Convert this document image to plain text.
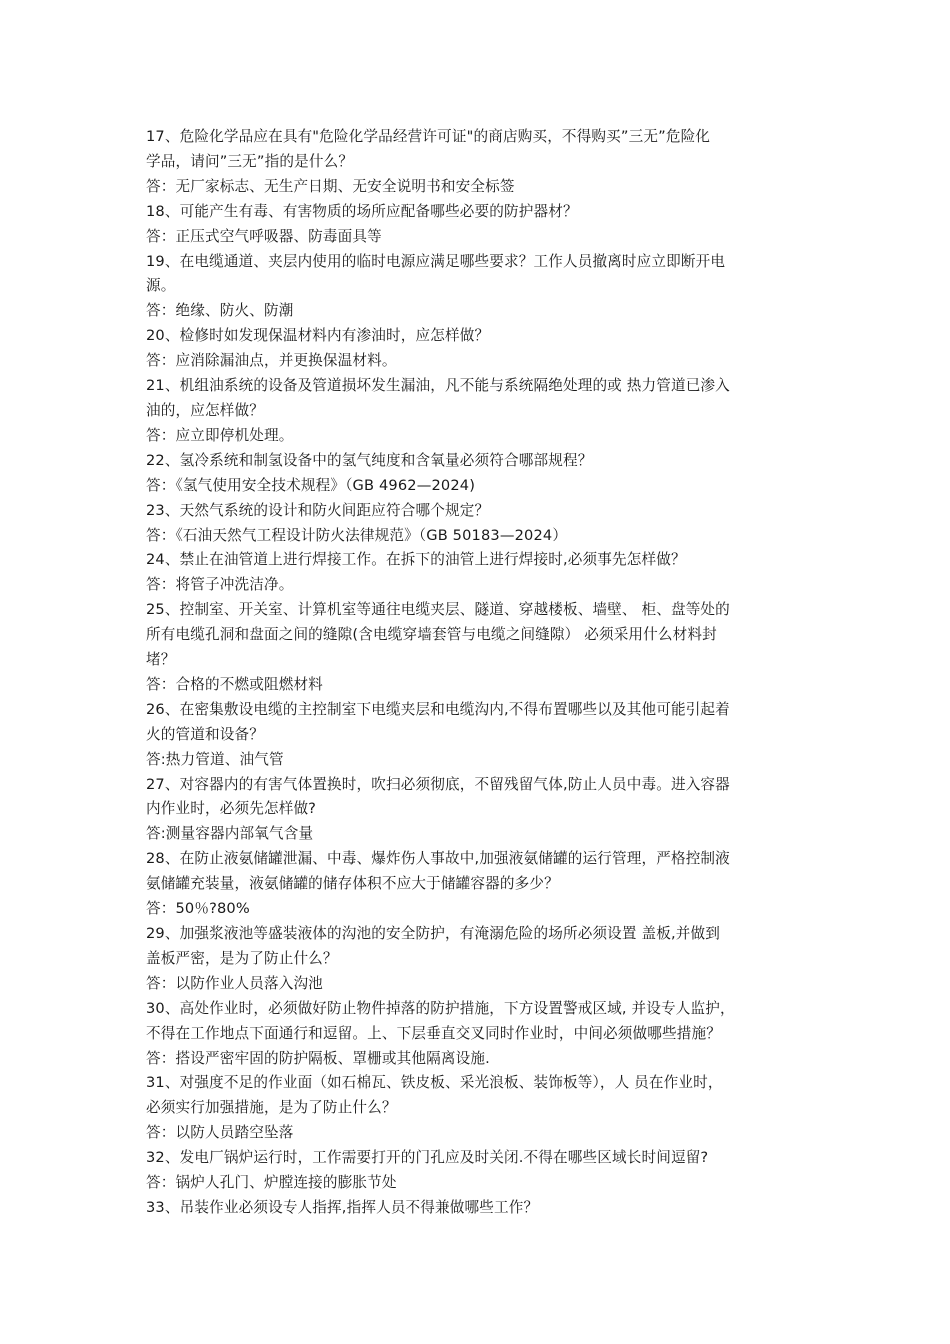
17、危险化学品应在具有"危险化学品经营许可证"的商店购买，不得购买”三无”危险化

学品，请问”三无”指的是什么？

答：无厂家标志、无生产日期、无安全说明书和安全标签

18、可能产生有毒、有害物质的场所应配备哪些必要的防护器材？

答：正压式空气呼吸器、防毒面具等

19、在电缆通道、夹层内使用的临时电源应满足哪些要求？工作人员撤离时应立即断开电

源。

答：绝缘、防火、防潮

20、检修时如发现保温材料内有渗油时，应怎样做？

答：应消除漏油点，并更换保温材料。

21、机组油系统的设备及管道损坏发生漏油，凡不能与系统隔绝处理的或 热力管道已渗入

油的，应怎样做？

答：应立即停机处理。

22、氢冷系统和制氢设备中的氢气纯度和含氧量必须符合哪部规程？

答：《氢气使用安全技术规程》（GB 4962—2024)

23、天然气系统的设计和防火间距应符合哪个规定？

答：《石油天然气工程设计防火法律规范》（GB 50183—2024）

24、禁止在油管道上进行焊接工作。在拆下的油管上进行焊接时,必须事先怎样做？

答：将管子冲洗洁净。

25、控制室、开关室、计算机室等通往电缆夹层、隧道、穿越楼板、墙壁、 柜、盘等处的

所有电缆孔洞和盘面之间的缝隙(含电缆穿墙套管与电缆之间缝隙） 必须采用什么材料封

堵？

答：合格的不燃或阻燃材料

26、在密集敷设电缆的主控制室下电缆夹层和电缆沟内,不得布置哪些以及其他可能引起着

火的管道和设备？

答:热力管道、油气管

27、对容器内的有害气体置换时，吹扫必须彻底，不留残留气体,防止人员中毒。进入容器

内作业时，必须先怎样做?

答:测量容器内部氧气含量

28、在防止液氨储罐泄漏、中毒、爆炸伤人事故中,加强液氨储罐的运行管理，严格控制液

氨储罐充装量，液氨储罐的储存体积不应大于储罐容器的多少？

答：50％?80%

29、加强浆液池等盛装液体的沟池的安全防护，有淹溺危险的场所必须设置 盖板,并做到

盖板严密，是为了防止什么？

答：以防作业人员落入沟池

30、高处作业时，必须做好防止物件掉落的防护措施，下方设置警戒区域, 并设专人监护，

不得在工作地点下面通行和逗留。上、下层垂直交叉同时作业时，中间必须做哪些措施？

答：搭设严密牢固的防护隔板、罩栅或其他隔离设施.

31、对强度不足的作业面（如石棉瓦、铁皮板、采光浪板、装饰板等），人 员在作业时，

必须实行加强措施，是为了防止什么？

答：以防人员踏空坠落

32、发电厂锅炉运行时，工作需要打开的门孔应及时关闭.不得在哪些区域长时间逗留?

答：锅炉人孔门、炉膛连接的膨胀节处

33、吊装作业必须设专人指挥,指挥人员不得兼做哪些工作？
